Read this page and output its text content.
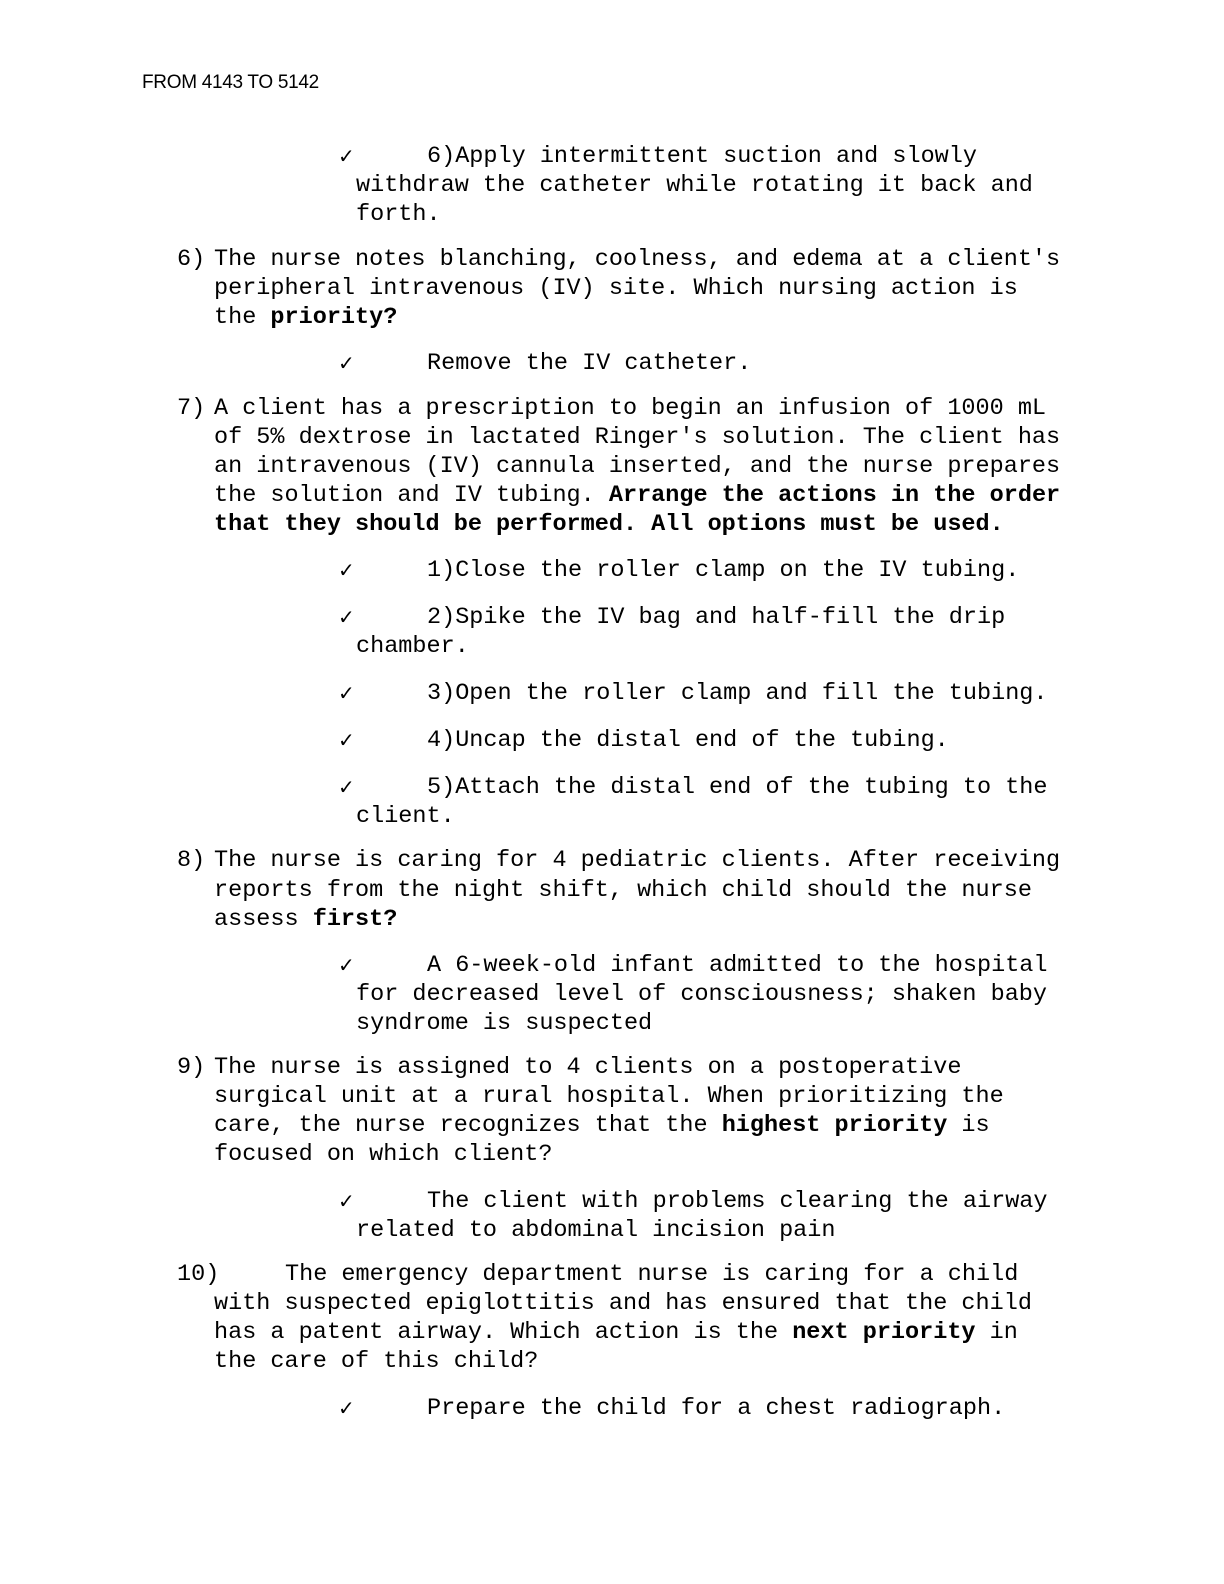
FROM 4143 TO 5142
✓	6)Apply intermittent suction and slowly
withdraw the catheter while rotating it back and
forth.
6) The nurse notes blanching, coolness, and edema at a client's
peripheral intravenous (IV) site. Which nursing action is
the priority?
✓	Remove the IV catheter.
7) A client has a prescription to begin an infusion of 1000 mL
of 5% dextrose in lactated Ringer's solution. The client has
an intravenous (IV) cannula inserted, and the nurse prepares
the solution and IV tubing. Arrange the actions in the order
that they should be performed. All options must be used.
✓	1)Close the roller clamp on the IV tubing.
✓	2)Spike the IV bag and half-fill the drip
chamber.
✓	3)Open the roller clamp and fill the tubing.
✓	4)Uncap the distal end of the tubing.
✓	5)Attach the distal end of the tubing to the
client.
8) The nurse is caring for 4 pediatric clients. After receiving
reports from the night shift, which child should the nurse
assess first?
✓	A 6-week-old infant admitted to the hospital
for decreased level of consciousness; shaken baby
syndrome is suspected
9) The nurse is assigned to 4 clients on a postoperative
surgical unit at a rural hospital. When prioritizing the
care, the nurse recognizes that the highest priority is
focused on which client?
✓	The client with problems clearing the airway
related to abdominal incision pain
10)	The emergency department nurse is caring for a child
with suspected epiglottitis and has ensured that the child
has a patent airway. Which action is the next priority in
the care of this child?
✓	Prepare the child for a chest radiograph.
